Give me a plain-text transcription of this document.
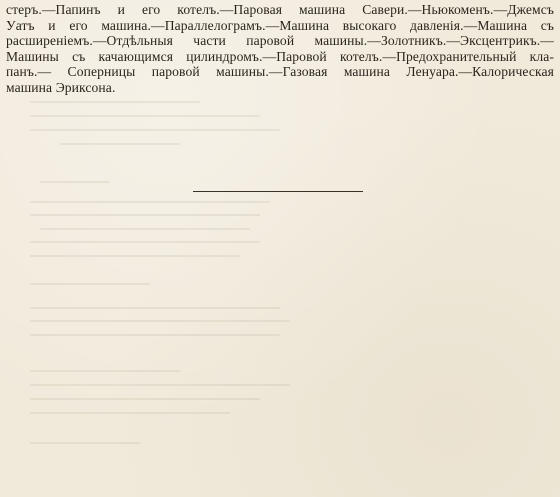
стеръ.—Папинъ и его котелъ.—Паровая машина Савери.—Ньюкоменъ.—Джемсъ
Уатъ и его машина.—Параллелограмъ.—Машина высокаго давленія.—Машина съ
расширеніемъ.—Отдѣльныя части паровой машины.—Золотникъ.—Эксцентрикъ.—
Машины съ качающимся цилиндромъ.—Паровой котелъ.—Предохранительный кла-
панъ.— Соперницы паровой машины.—Газовая машина Ленуара.—Калорическая
машина Эриксона.
